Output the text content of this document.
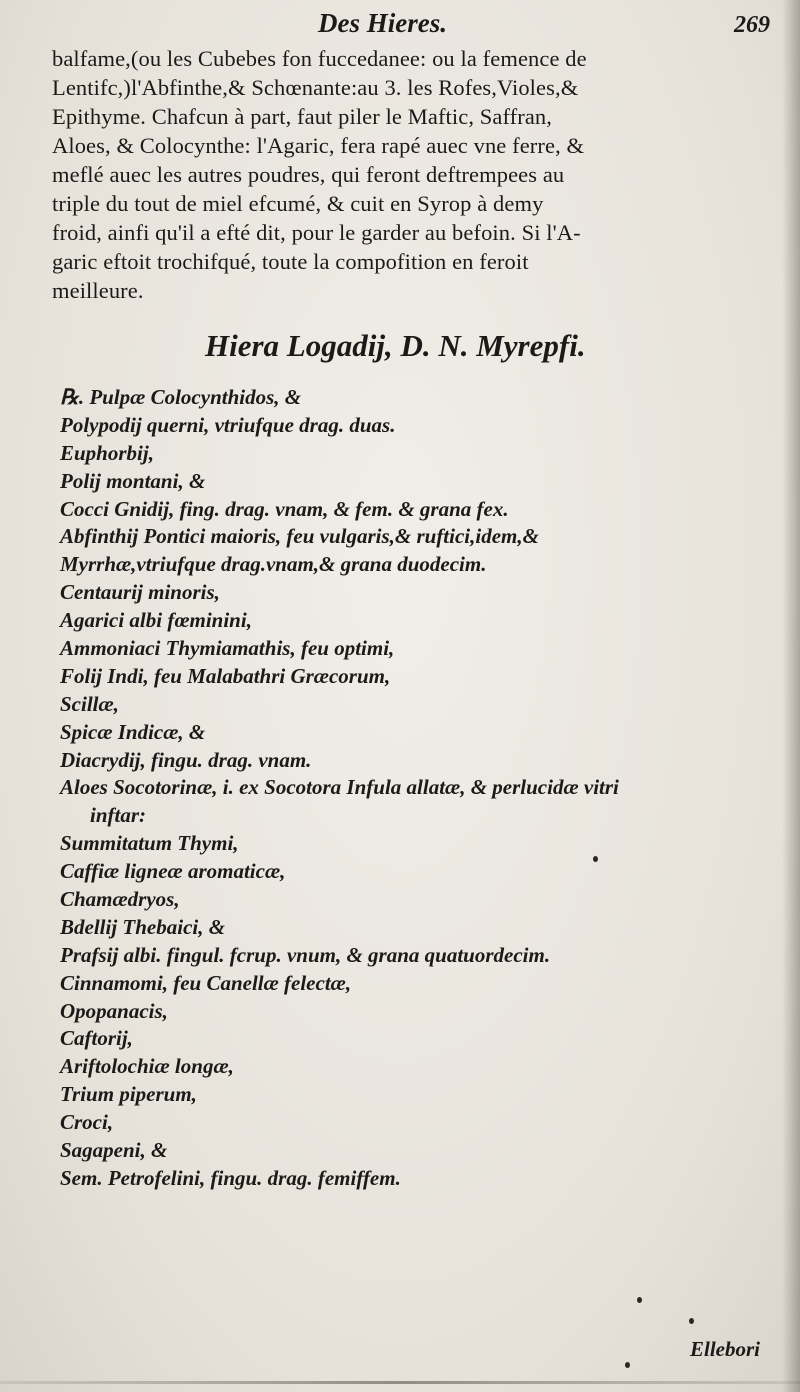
Des Hieres.	269
balfame,(ou les Cubebes fon fuccedanee: ou la femence de
Lentifc,)l'Abfinthe,& Schœnante:au 3. les Rofes,Violes,&
Epithyme. Chafcun à part, faut piler le Maftic, Saffran,
Aloes, & Colocynthe: l'Agaric, fera rapé auec vne ferre, &
meflé auec les autres poudres, qui feront deftrempees au
triple du tout de miel efcumé, & cuit en Syrop à demy
froid, ainfi qu'il a efté dit, pour le garder au befoin. Si l'A-
garic eftoit trochifqué, toute la compofition en feroit
meilleure.
Hiera Logadij, D. N. Myrepfi.
℞. Pulpæ Colocynthidos, &
Polypodij querni, vtriufque drag. duas.
Euphorbij,
Polij montani, &
Cocci Gnidij, fing. drag. vnam, & fem. & grana fex.
Abfinthij Pontici maioris, feu vulgaris,& ruftici,idem,&
Myrrhæ,vtriufque drag.vnam,& grana duodecim.
Centaurij minoris,
Agarici albi fœminini,
Ammoniaci Thymiamathis, feu optimi,
Folij Indi, feu Malabathri Græcorum,
Scillæ,
Spicæ Indicæ, &
Diacrydij, fingu. drag. vnam.
Aloes Socotorinæ, i. ex Socotora Infula allatæ, & perlucidæ vitri
inftar:
Summitatum Thymi,
Caffiæ ligneæ aromaticæ,
Chamædryos,
Bdellij Thebaici, &
Prafsij albi. fingul. fcrup. vnum, & grana quatuordecim.
Cinnamomi, feu Canellæ felectæ,
Opopanacis,
Caftorij,
Ariftolochiæ longæ,
Trium piperum,
Croci,
Sagapeni, &
Sem. Petrofelini, fingu. drag. femiffem.
Ellebori
